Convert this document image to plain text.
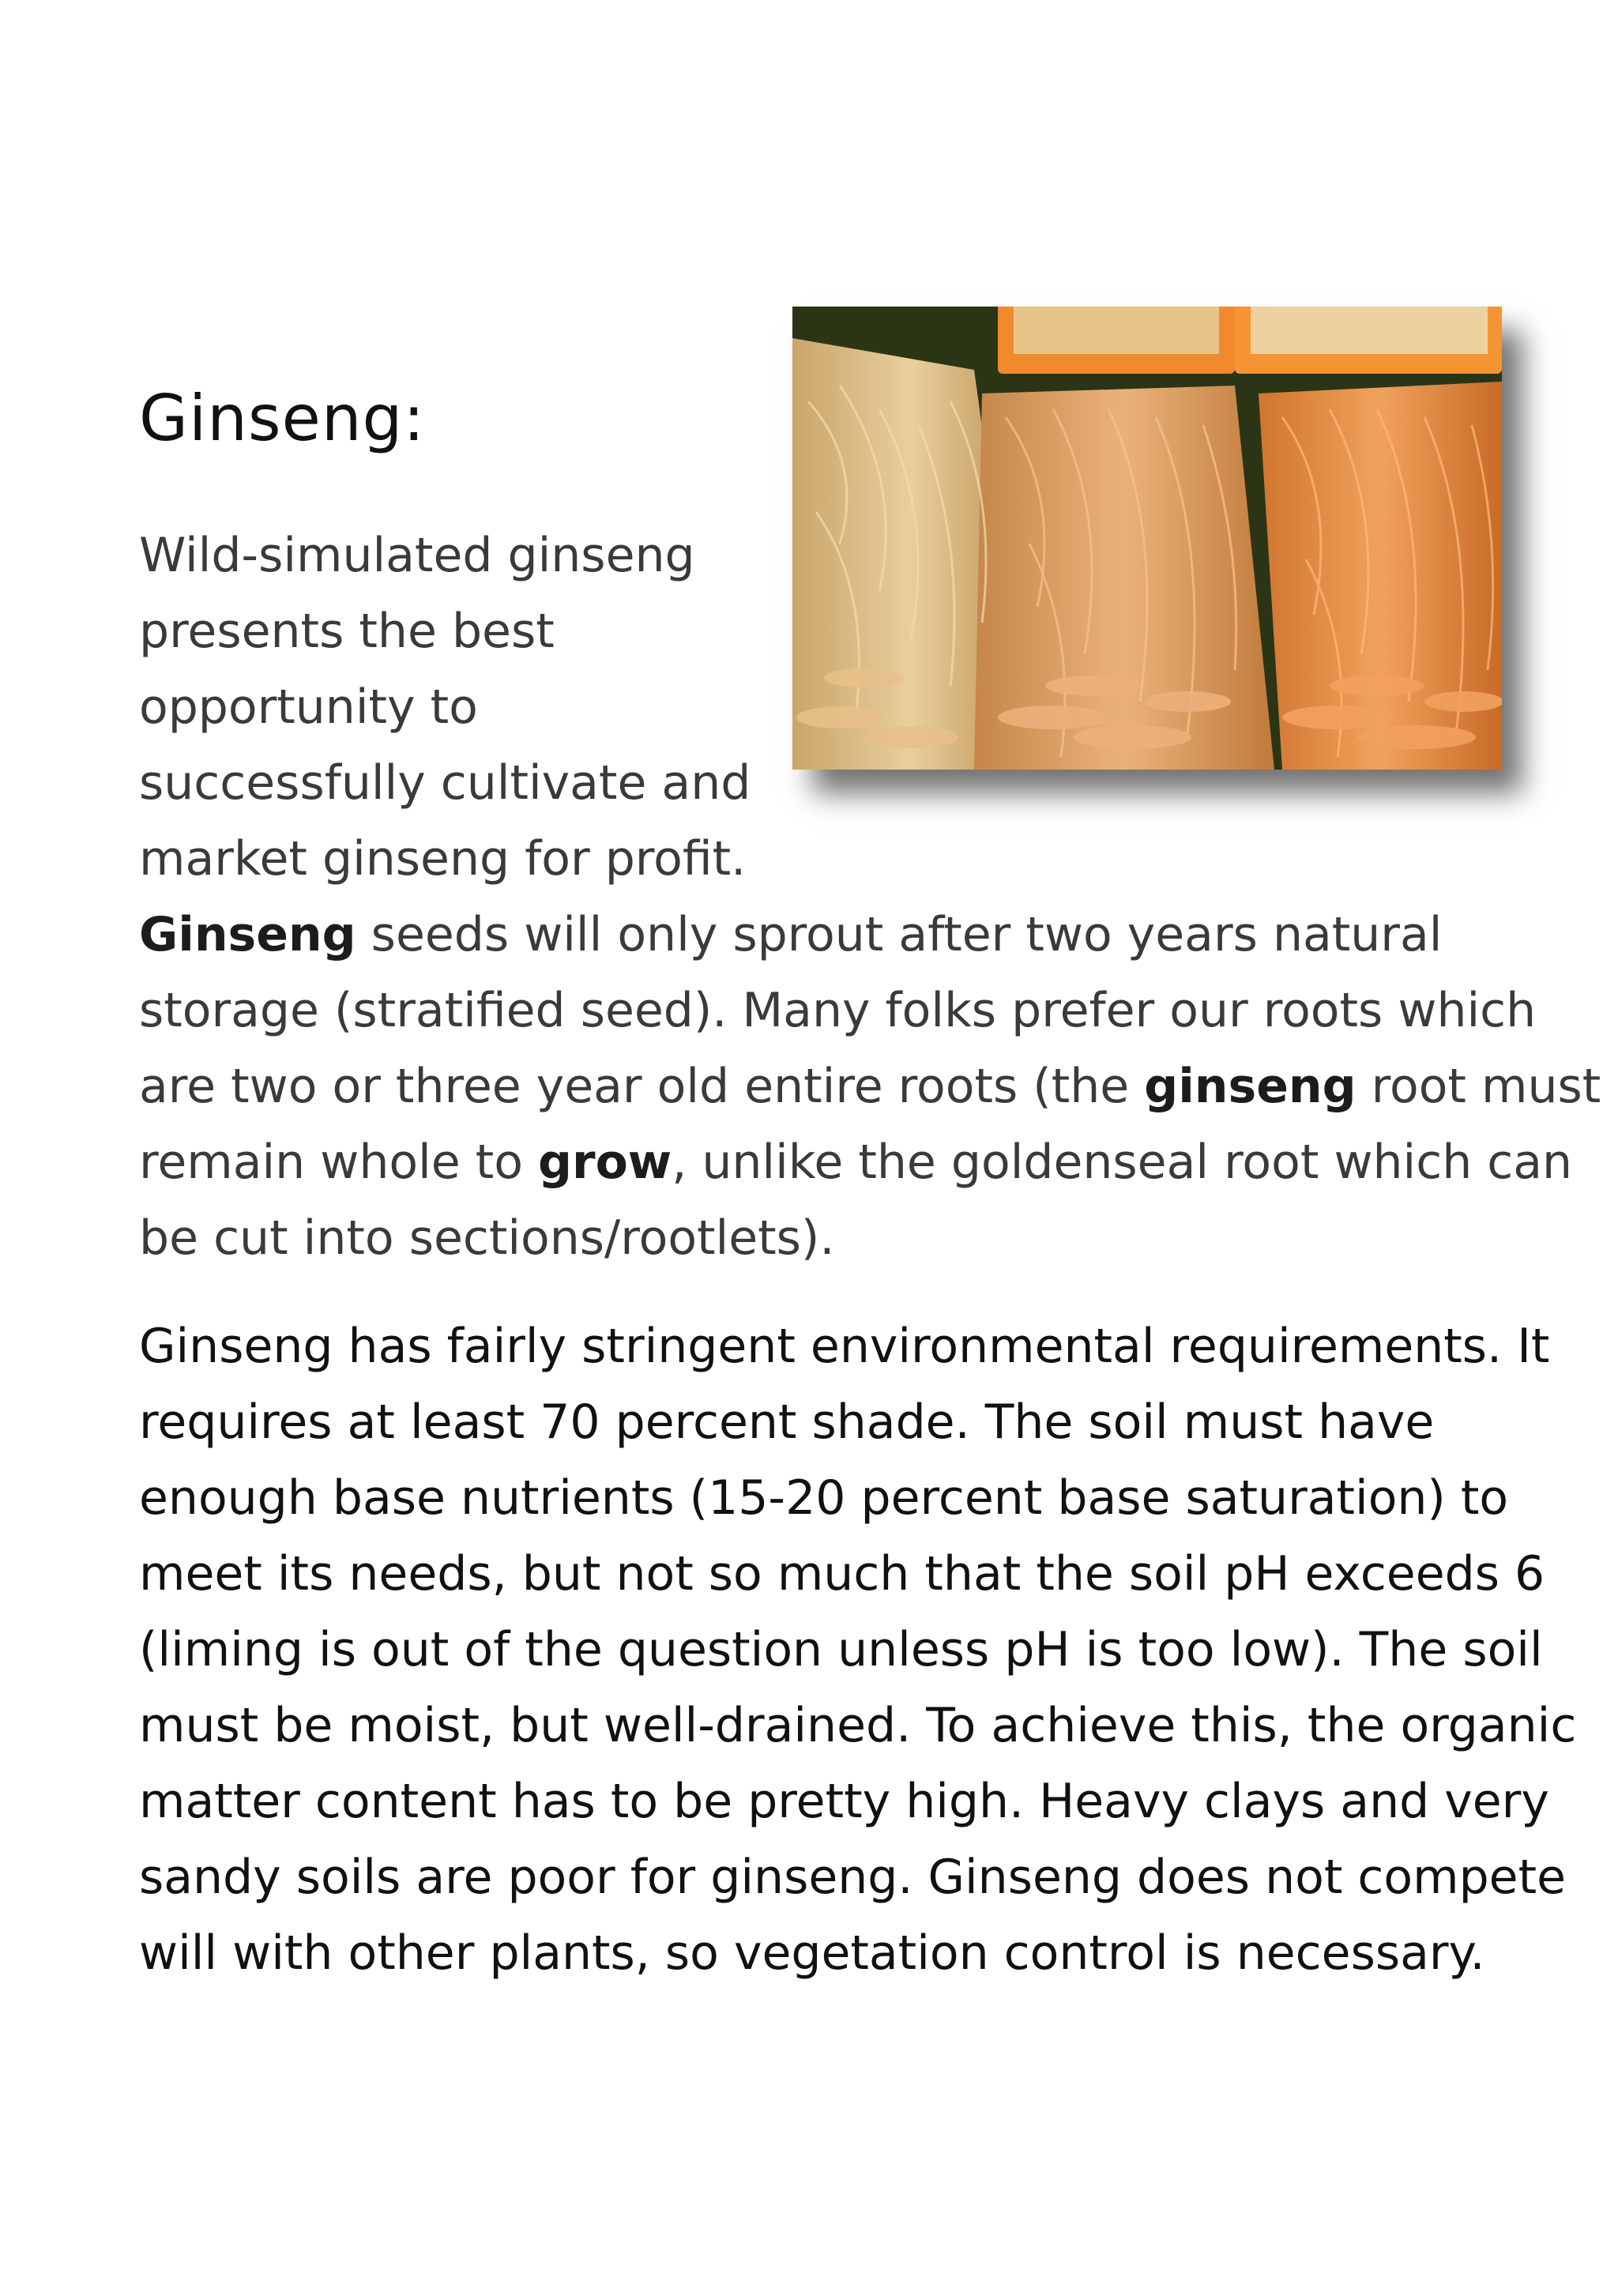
Ginseng:
Wild-simulated ginseng
presents the best
opportunity to
successfully cultivate and
market ginseng for profit.
Ginseng seeds will only sprout after two years natural
storage (stratified seed). Many folks prefer our roots which
are two or three year old entire roots (the ginseng root must
remain whole to grow, unlike the goldenseal root which can
be cut into sections/rootlets).
Ginseng has fairly stringent environmental requirements. It
requires at least 70 percent shade. The soil must have
enough base nutrients (15-20 percent base saturation) to
meet its needs, but not so much that the soil pH exceeds 6
(liming is out of the question unless pH is too low). The soil
must be moist, but well-drained. To achieve this, the organic
matter content has to be pretty high. Heavy clays and very
sandy soils are poor for ginseng. Ginseng does not compete
will with other plants, so vegetation control is necessary.
